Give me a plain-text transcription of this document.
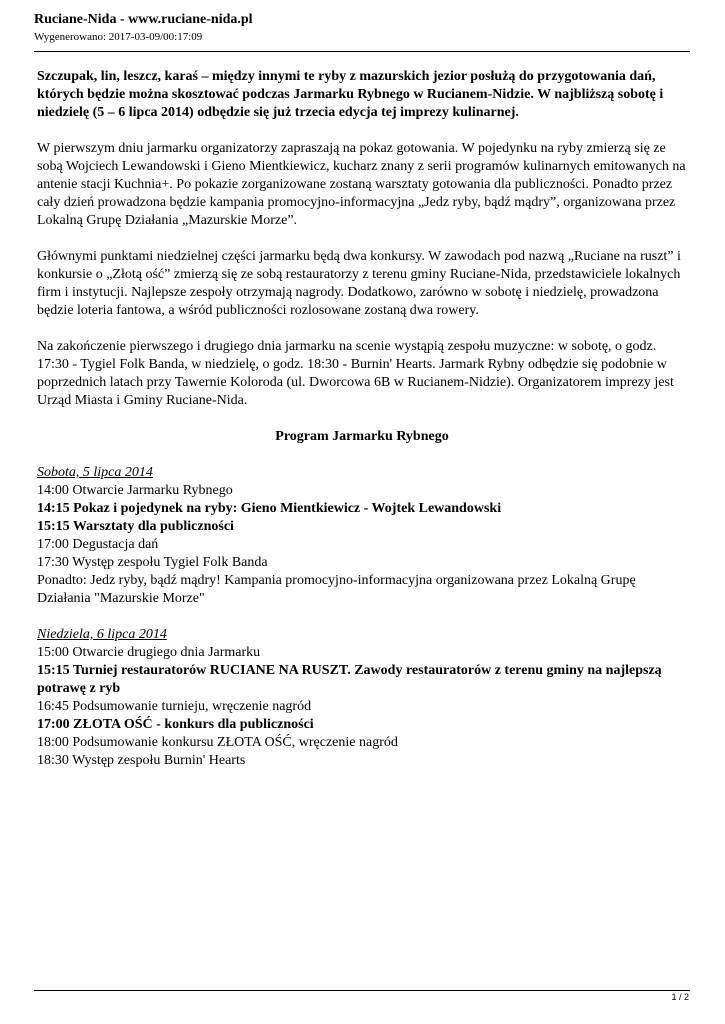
Ruciane-Nida - www.ruciane-nida.pl
Wygenerowano: 2017-03-09/00:17:09

Szczupak, lin, leszcz, karaś – między innymi te ryby z mazurskich jezior posłużą do przygotowania dań, których będzie można skosztować podczas Jarmarku Rybnego w Rucianem-Nidzie. W najbliższą sobotę i niedzielę (5 – 6 lipca 2014) odbędzie się już trzecia edycja tej imprezy kulinarnej.

W pierwszym dniu jarmarku organizatorzy zapraszają na pokaz gotowania. W pojedynku na ryby zmierzą się ze sobą Wojciech Lewandowski i Gieno Mientkiewicz, kucharz znany z serii programów kulinarnych emitowanych na antenie stacji Kuchnia+. Po pokazie zorganizowane zostaną warsztaty gotowania dla publiczności. Ponadto przez cały dzień prowadzona będzie kampania promocyjno-informacyjna „Jedz ryby, bądź mądry”, organizowana przez Lokalną Grupę Działania „Mazurskie Morze”.

Głównymi punktami niedzielnej części jarmarku będą dwa konkursy. W zawodach pod nazwą „Ruciane na ruszt” i konkursie o „Złotą ość” zmierzą się ze sobą restauratorzy z terenu gminy Ruciane-Nida, przedstawiciele lokalnych firm i instytucji. Najlepsze zespoły otrzymają nagrody. Dodatkowo, zarówno w sobotę i niedzielę, prowadzona będzie loteria fantowa, a wśród publiczności rozlosowane zostaną dwa rowery.

Na zakończenie pierwszego i drugiego dnia jarmarku na scenie wystąpią zespołu muzyczne: w sobotę, o godz. 17:30 - Tygiel Folk Banda, w niedzielę, o godz. 18:30 - Burnin' Hearts. Jarmark Rybny odbędzie się podobnie w poprzednich latach przy Tawernie Koloroda (ul. Dworcowa 6B w Rucianem-Nidzie). Organizatorem imprezy jest Urząd Miasta i Gminy Ruciane-Nida.

Program Jarmarku Rybnego
Sobota, 5 lipca 2014
14:00 Otwarcie Jarmarku Rybnego
14:15 Pokaz i pojedynek na ryby: Gieno Mientkiewicz - Wojtek Lewandowski
15:15 Warsztaty dla publiczności
17:00 Degustacja dań
17:30 Występ zespołu Tygiel Folk Banda
Ponadto: Jedz ryby, bądź mądry! Kampania promocyjno-informacyjna organizowana przez Lokalną Grupę Działania "Mazurskie Morze"
Niedziela, 6 lipca 2014
15:00 Otwarcie drugiego dnia Jarmarku
15:15 Turniej restauratorów RUCIANE NA RUSZT. Zawody restauratorów z terenu gminy na najlepszą potrawę z ryb
16:45 Podsumowanie turnieju, wręczenie nagród
17:00 ZŁOTA OŚĆ - konkurs dla publiczności
18:00 Podsumowanie konkursu ZŁOTA OŚĆ, wręczenie nagród
18:30 Występ zespołu Burnin' Hearts
1 / 2
